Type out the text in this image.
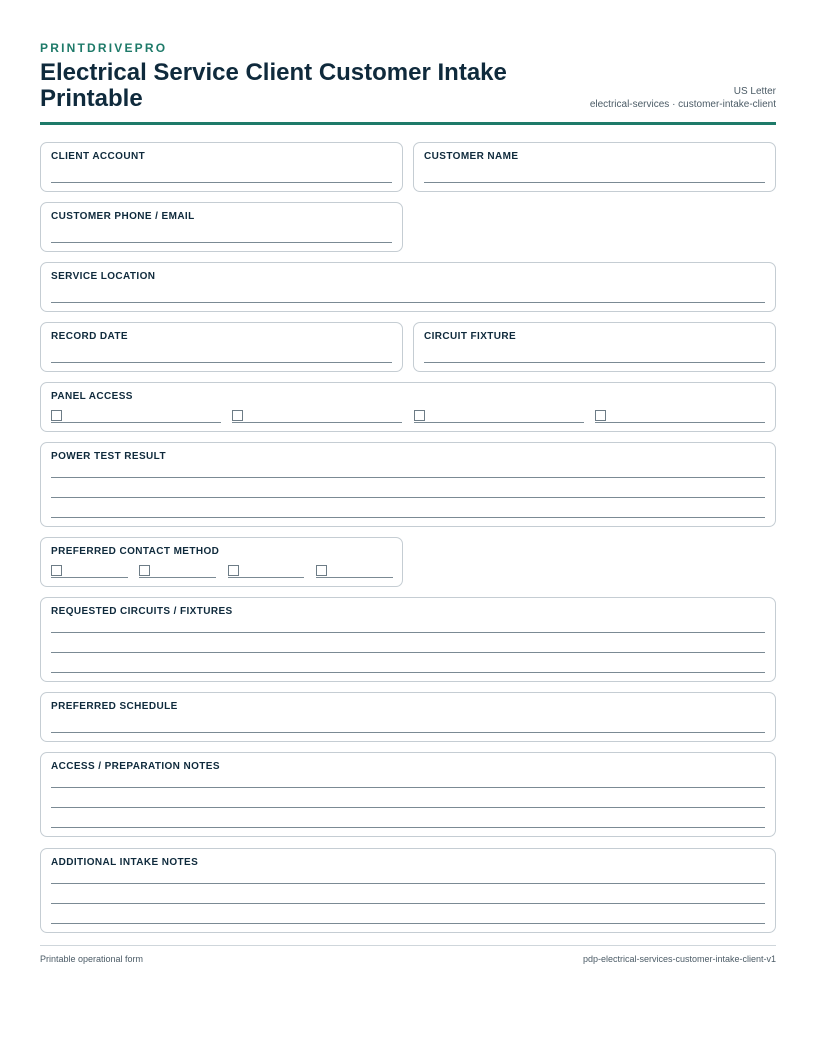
PRINTDRIVEPRO
Electrical Service Client Customer Intake Printable	US Letter
electrical-services · customer-intake-client
CLIENT ACCOUNT	CUSTOMER NAME
CUSTOMER PHONE / EMAIL
SERVICE LOCATION
RECORD DATE	CIRCUIT FIXTURE
PANEL ACCESS
POWER TEST RESULT
PREFERRED CONTACT METHOD
REQUESTED CIRCUITS / FIXTURES
PREFERRED SCHEDULE
ACCESS / PREPARATION NOTES
ADDITIONAL INTAKE NOTES
Printable operational form	pdp-electrical-services-customer-intake-client-v1
